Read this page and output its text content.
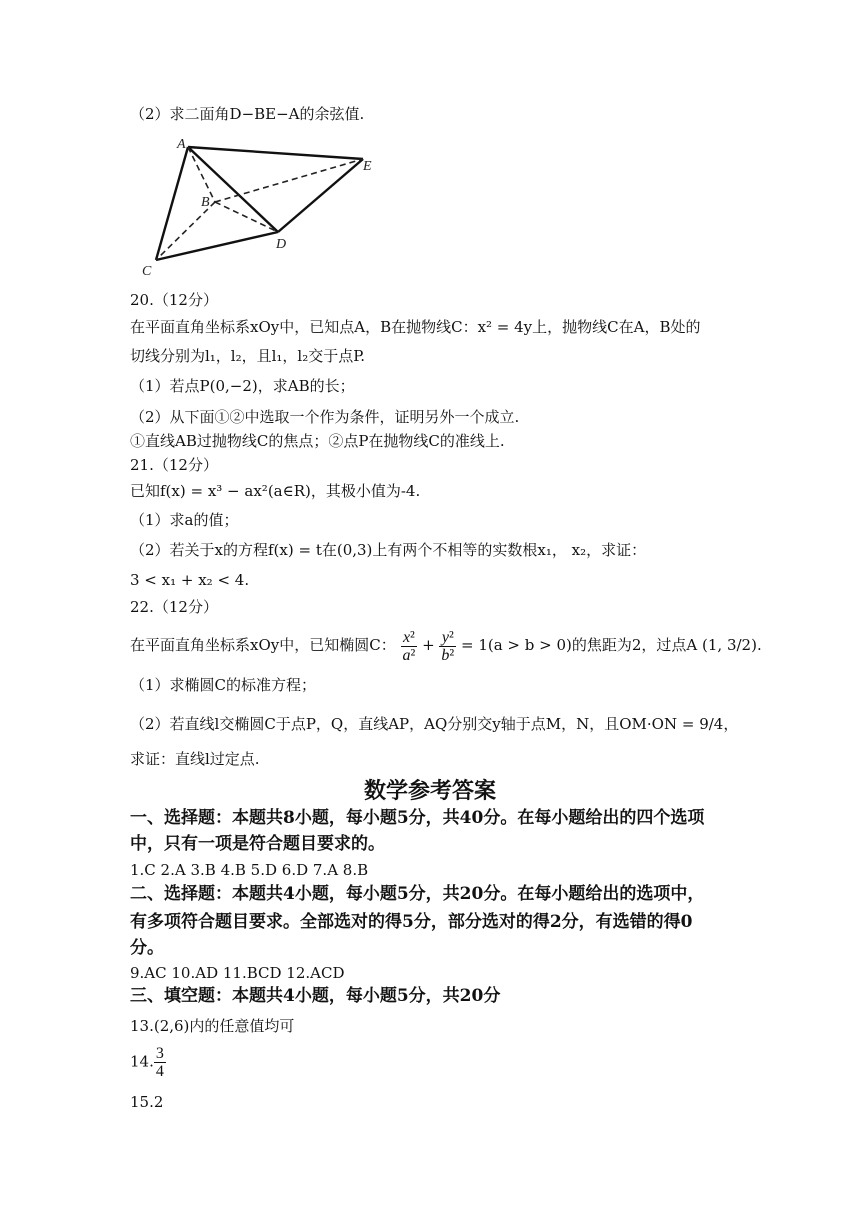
（2）求二面角D−BE−A的余弦值.
A
B
C
D
E
20.（12分）
在平面直角坐标系xOy中，已知点A，B在抛物线C：x² = 4y上，抛物线C在A，B处的
切线分别为l₁，l₂，且l₁，l₂交于点P.
（1）若点P(0,−2)，求AB的长；
（2）从下面①②中选取一个作为条件，证明另外一个成立.
①直线AB过抛物线C的焦点；②点P在抛物线C的准线上.
21.（12分）
已知f(x) = x³ − ax²(a∈R)，其极小值为-4.
（1）求a的值；
（2）若关于x的方程f(x) = t在(0,3)上有两个不相等的实数根x₁， x₂，求证：
3 < x₁ + x₂ < 4.
22.（12分）
在平面直角坐标系xOy中，已知椭圆C： $\frac{\text{x²}}{\text{a²}} + \frac{\text{y²}}{\text{b²}} = 1(a > b > 0)$的焦距为2，过点A (1, 3/2).
（1）求椭圆C的标准方程；
（2）若直线l交椭圆C于点P，Q，直线AP，AQ分别交y轴于点M，N，且OM·ON = 9/4，
求证：直线l过定点.
数学参考答案
一、选择题：本题共8小题，每小题5分，共40分。在每小题给出的四个选项
中，只有一项是符合题目要求的。
1.C 2.A 3.B 4.B 5.D 6.D 7.A 8.B
二、选择题：本题共4小题，每小题5分，共20分。在每小题给出的选项中，
有多项符合题目要求。全部选对的得5分，部分选对的得2分，有选错的得0
分。
9.AC 10.AD 11.BCD 12.ACD
三、填空题：本题共4小题，每小题5分，共20分
13.(2,6)内的任意值均可
14. $\frac{3}{4}$
15.2
